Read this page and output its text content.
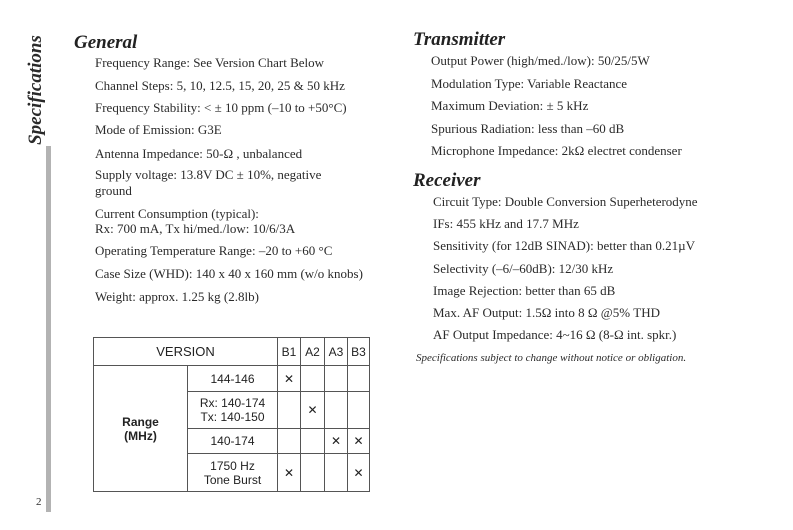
Specifications
2
General
Frequency Range: See Version Chart Below
Channel Steps: 5, 10, 12.5, 15, 20, 25 & 50 kHz
Frequency Stability: < ± 10 ppm (–10 to +50°C)
Mode of Emission: G3E
Antenna Impedance: 50-Ω , unbalanced
Supply voltage: 13.8V DC ± 10%, negative ground
Current Consumption (typical):
Rx: 700 mA, Tx hi/med./low: 10/6/3A
Operating Temperature Range: –20 to +60 °C
Case Size (WHD): 140 x 40 x 160 mm (w/o knobs)
Weight: approx. 1.25 kg (2.8lb)
Transmitter
Output Power (high/med./low): 50/25/5W
Modulation Type: Variable Reactance
Maximum Deviation: ± 5 kHz
Spurious Radiation: less than –60 dB
Microphone Impedance: 2kΩ electret condenser
Receiver
Circuit Type: Double Conversion Superheterodyne
IFs: 455 kHz and 17.7 MHz
Sensitivity (for 12dB SINAD): better than 0.21µV
Selectivity (–6/–60dB): 12/30 kHz
Image Rejection: better than 65 dB
Max. AF Output: 1.5Ω into 8 Ω @5% THD
AF Output Impedance: 4~16 Ω (8-Ω int. spkr.)
Specifications subject to change without notice or obligation.
VERSION		B1	A2	A3	B3

Range
(MHz)	144-146	✕			

	Rx: 140-174
Tx: 140-150		✕		
	140-174			✕	✕

	1750 Hz
Tone Burst	✕			✕
